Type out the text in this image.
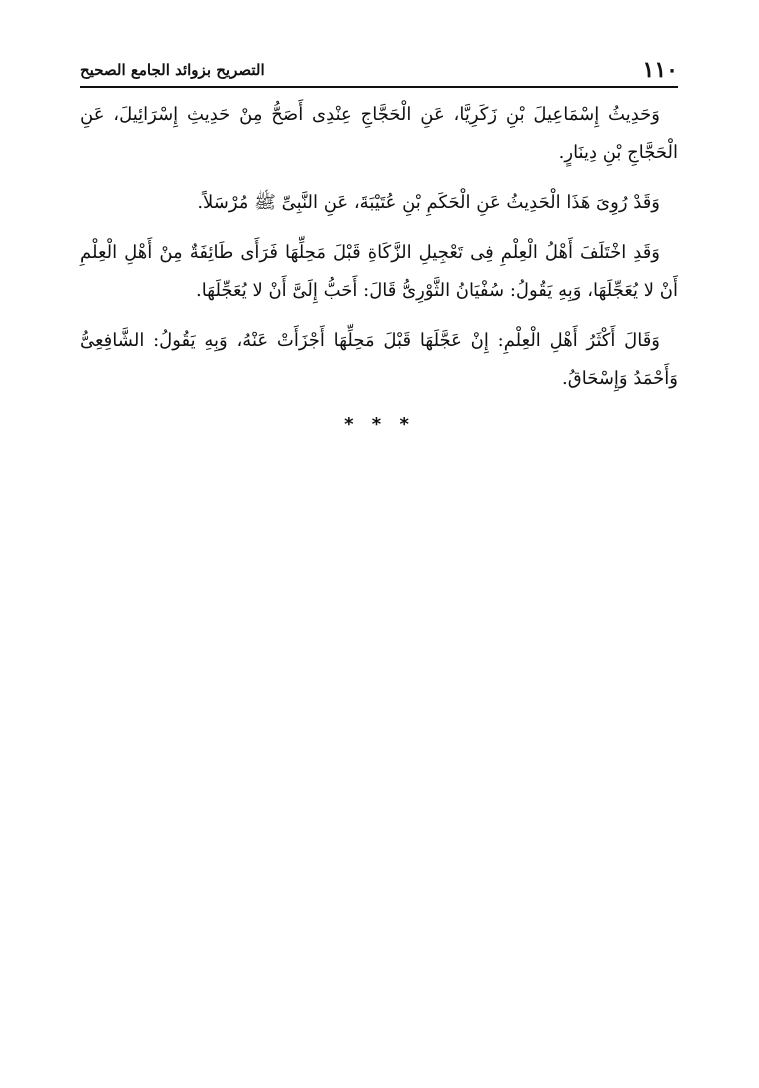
١١٠
التصريح بزوائد الجامع الصحيح

وَحَدِيثُ إِسْمَاعِيلَ بْنِ زَكَرِيَّا، عَنِ الْحَجَّاجِ عِنْدِى أَصَحُّ مِنْ حَدِيثِ إِسْرَائِيلَ، عَنِ الْحَجَّاجِ بْنِ دِينَارٍ.

وَقَدْ رُوِىَ هَذَا الْحَدِيثُ عَنِ الْحَكَمِ بْنِ عُتَيْبَةَ، عَنِ النَّبِىِّ ﷺ مُرْسَلاً.

وَقَدِ اخْتَلَفَ أَهْلُ الْعِلْمِ فِى تَعْجِيلِ الزَّكَاةِ قَبْلَ مَحِلِّهَا فَرَأَى طَائِفَةٌ مِنْ أَهْلِ الْعِلْمِ أَنْ لا يُعَجِّلَهَا، وَبِهِ يَقُولُ: سُفْيَانُ الثَّوْرِىُّ قَالَ: أَحَبُّ إِلَىَّ أَنْ لا يُعَجِّلَهَا.

وَقَالَ أَكْثَرُ أَهْلِ الْعِلْمِ: إِنْ عَجَّلَهَا قَبْلَ مَحِلِّهَا أَجْزَأَتْ عَنْهُ، وَبِهِ يَقُولُ: الشَّافِعِىُّ وَأَحْمَدُ وَإِسْحَاقُ.

* * *
